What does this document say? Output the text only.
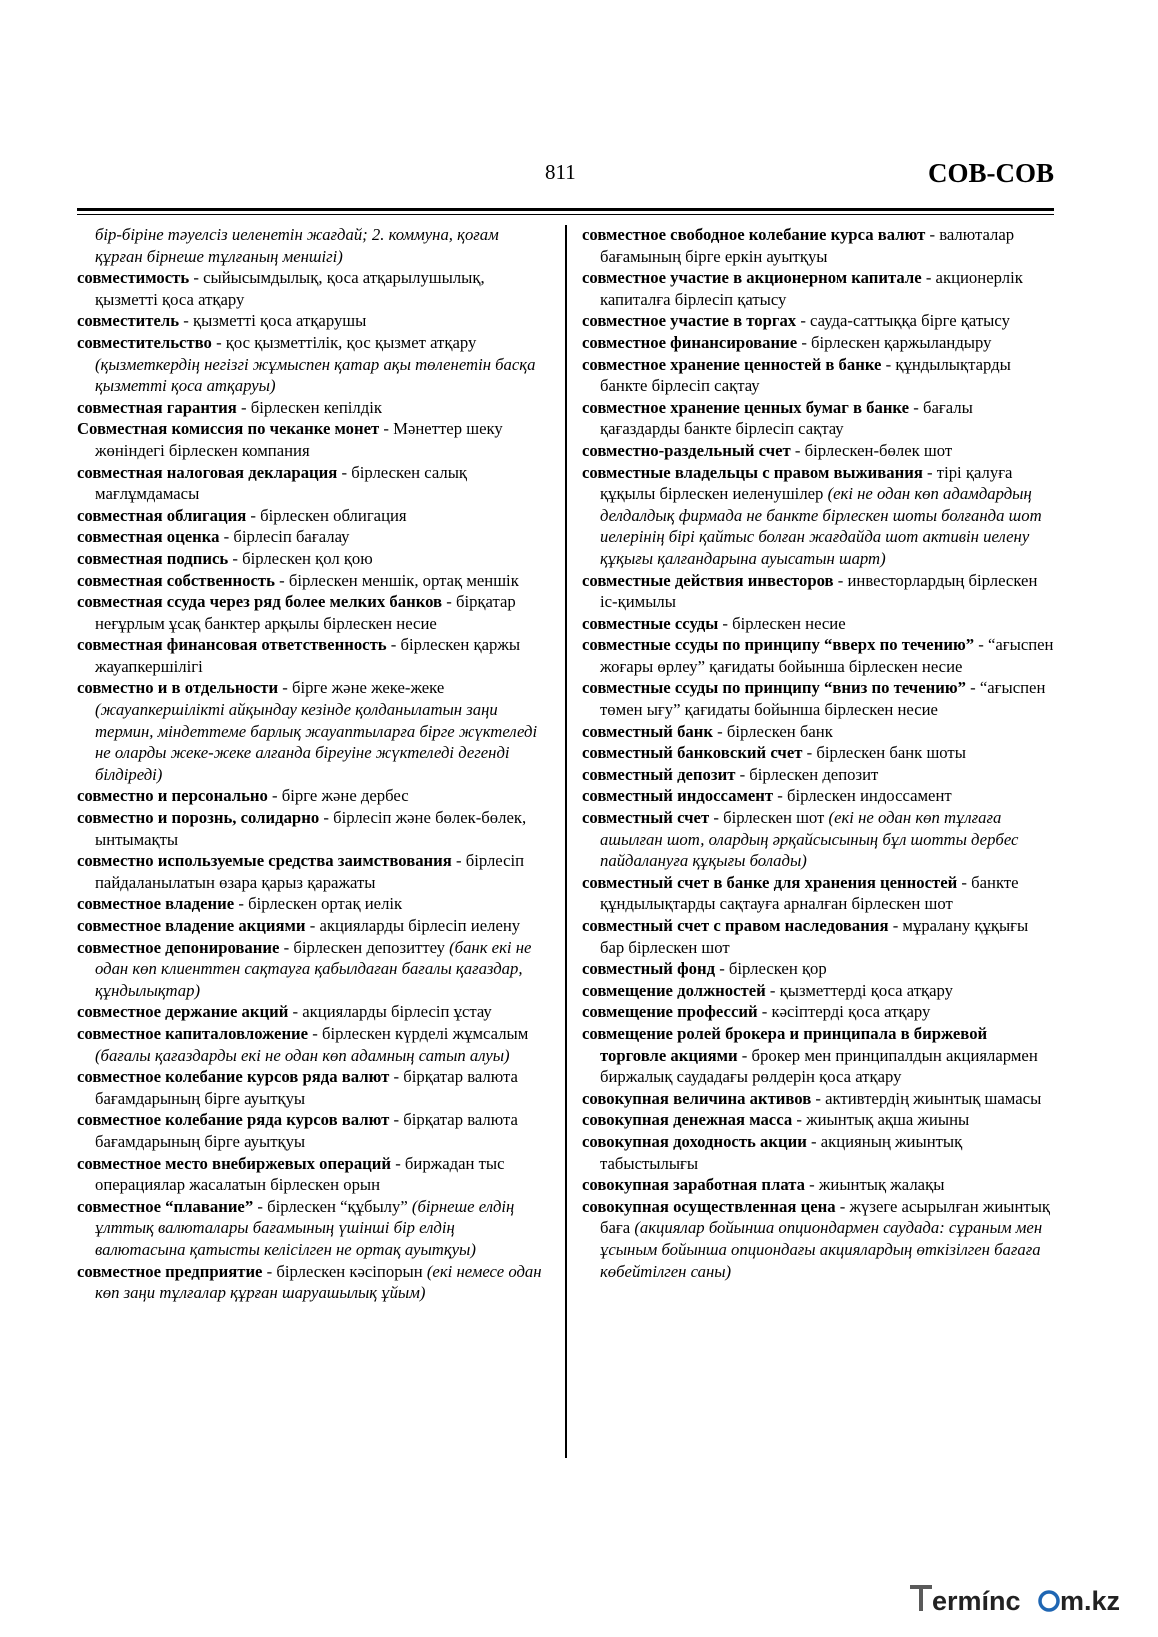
811	СОВ-СОВ
бір-біріне тәуелсіз иеленетін жағдай; 2. коммуна, қоғам құрған бірнеше тұлғаның меншігі)
совместимость - сыйысымдылық, қоса атқарылушылық, қызметті қоса атқару
совместитель - қызметті қоса атқарушы
совместительство - қос қызметтілік, қос қызмет атқару (қызметкердің негізгі жұмыспен қатар ақы төленетін басқа қызметті қоса атқаруы)
совместная гарантия - бірлескен кепілдік
Совместная комиссия по чеканке монет - Мәнеттер шеку жөніндегі бірлескен компания
совместная налоговая декларация - бірлескен салық мағлұмдамасы
совместная облигация - бірлескен облигация
совместная оценка - бірлесіп бағалау
совместная подпись - бірлескен қол қою
совместная собственность - бірлескен меншік, ортақ меншік
совместная ссуда через ряд более мелких банков - бірқатар неғұрлым ұсақ банктер арқылы бірлескен несие
совместная финансовая ответственность - бірлескен қаржы жауапкершілігі
совместно и в отдельности - бірге және жеке-жеке (жауапкершілікті айқындау кезінде қолданылатын заңи термин, міндеттеме барлық жауаптыларға бірге жүктеледі не оларды жеке-жеке алғанда біреуіне жүктеледі дегенді білдіреді)
совместно и персонально - бірге және дербес
совместно и порознь, солидарно - бірлесіп және бөлек-бөлек, ынтымақты
совместно используемые средства заимствования - бірлесіп пайдаланылатын өзара қарыз қаражаты
совместное владение - бірлескен ортақ иелік
совместное владение акциями - акцияларды бірлесіп иелену
совместное депонирование - бірлескен депозиттеу (банк екі не одан көп клиенттен сақтауға қабылдаған бағалы қағаздар, құндылықтар)
совместное держание акций - акцияларды бірлесіп ұстау
совместное капиталовложение - бірлескен күрделі жұмсалым (бағалы қағаздарды екі не одан көп адамның сатып алуы)
совместное колебание курсов ряда валют - бірқатар валюта бағамдарының бірге ауытқуы
совместное колебание ряда курсов валют - бірқатар валюта бағамдарының бірге ауытқуы
совместное место внебиржевых операций - биржадан тыс операциялар жасалатын бірлескен орын
совместное “плавание” - бірлескен “құбылу” (бірнеше елдің ұлттық валюталары бағамының үшінші бір елдің валютасына қатысты келісілген не ортақ ауытқуы)
совместное предприятие - бірлескен кәсіпорын (екі немесе одан көп заңи тұлғалар құрған шаруашылық ұйым)
совместное свободное колебание курса валют - валюталар бағамының бірге еркін ауытқуы
совместное участие в акционерном капитале - акционерлік капиталға бірлесіп қатысу
совместное участие в торгах - сауда-саттыққа бірге қатысу
совместное финансирование - бірлескен қаржыландыру
совместное хранение ценностей в банке - құндылықтарды банкте бірлесіп сақтау
совместное хранение ценных бумаг в банке - бағалы қағаздарды банкте бірлесіп сақтау
совместно-раздельный счет - бірлескен-бөлек шот
совместные владельцы с правом выживания - тірі қалуға құқылы бірлескен иеленушілер (екі не одан көп адамдардың делдалдық фирмада не банкте бірлескен шоты болғанда шот иелерінің бірі қайтыс болған жағдайда шот активін иелену құқығы қалғандарына ауысатын шарт)
совместные действия инвесторов - инвесторлардың бірлескен іс-қимылы
совместные ссуды - бірлескен несие
совместные ссуды по принципу “вверх по течению” - “ағыспен жоғары өрлеу” қағидаты бойынша бірлескен несие
совместные ссуды по принципу “вниз по течению” - “ағыспен төмен ығу” қағидаты бойынша бірлескен несие
совместный банк - бірлескен банк
совместный банковский счет - бірлескен банк шоты
совместный депозит - бірлескен депозит
совместный индоссамент - бірлескен индоссамент
совместный счет - бірлескен шот (екі не одан көп тұлғаға ашылған шот, олардың әрқайсысының бұл шотты дербес пайдалануға құқығы болады)
совместный счет в банке для хранения ценностей - банкте құндылықтарды сақтауға арналған бірлескен шот
совместный счет с правом наследования - мұралану құқығы бар бірлескен шот
совместный фонд - бірлескен қор
совмещение должностей - қызметтерді қоса атқару
совмещение профессий - кәсіптерді қоса атқару
совмещение ролей брокера и принципала в биржевой торговле акциями - брокер мен принципалдын акциялармен биржалық саудадағы рөлдерін қоса атқару
совокупная величина активов - активтердің жиынтық шамасы
совокупная денежная масса - жиынтық ақша жиыны
совокупная доходность акции - акцияның жиынтық табыстылығы
совокупная заработная плата - жиынтық жалақы
совокупная осуществленная цена - жүзеге асырылған жиынтық баға (акциялар бойынша опциондармен саудада: сұраным мен ұсыным бойынша опциондағы акциялардың өткізілген бағаға көбейтілген саны)
ermínc m.kz
